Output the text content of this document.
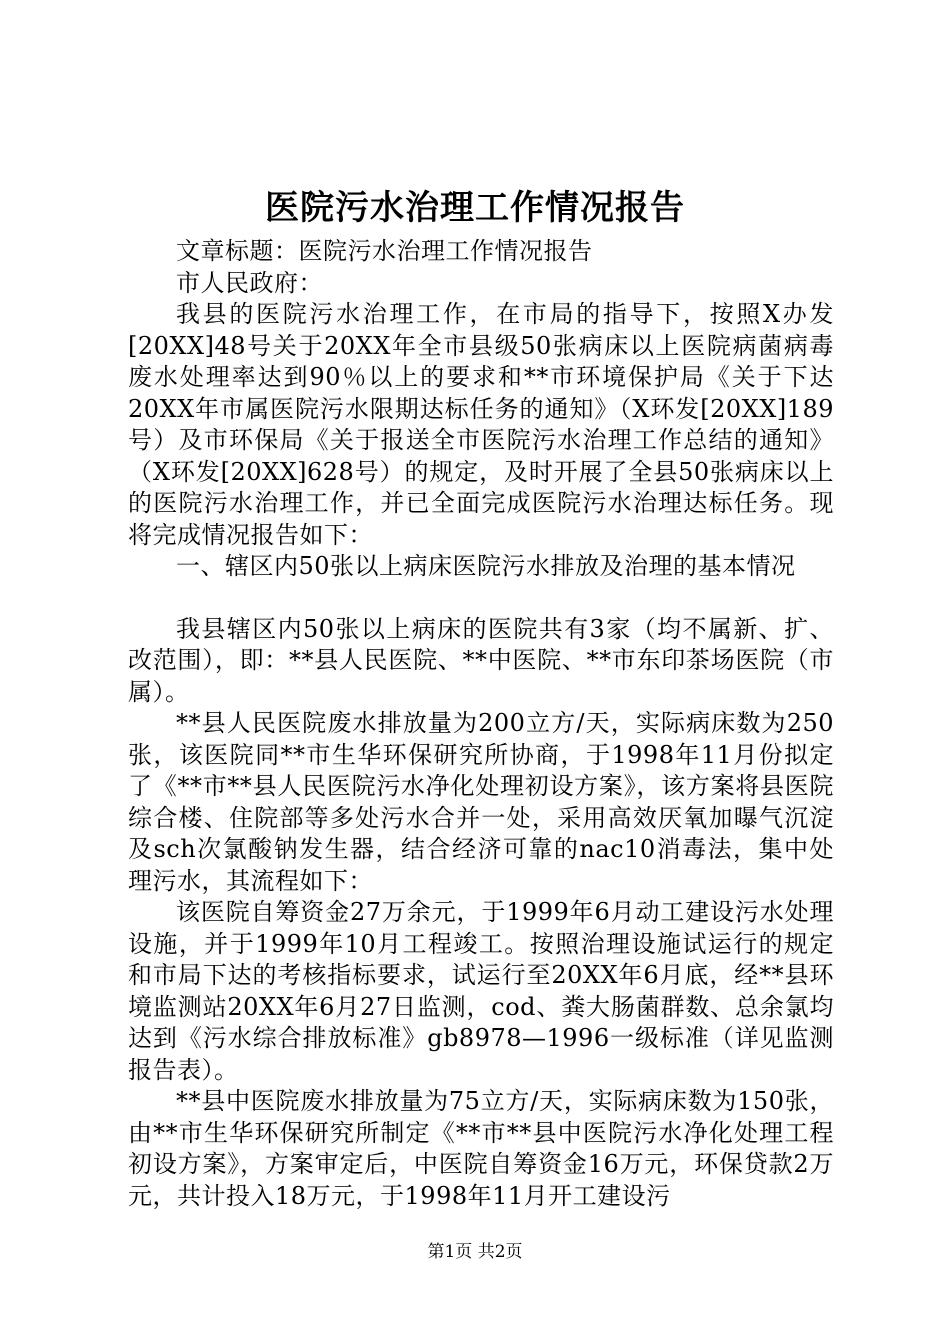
医院污水治理工作情况报告

文章标题：医院污水治理工作情况报告

市人民政府：

我县的医院污水治理工作，在市局的指导下，按照X办发[20XX]48号关于20XX年全市县级50张病床以上医院病菌病毒废水处理率达到90％以上的要求和**市环境保护局《关于下达20XX年市属医院污水限期达标任务的通知》（X环发[20XX]189号）及市环保局《关于报送全市医院污水治理工作总结的通知》（X环发[20XX]628号）的规定，及时开展了全县50张病床以上的医院污水治理工作，并已全面完成医院污水治理达标任务。现将完成情况报告如下：

一、辖区内50张以上病床医院污水排放及治理的基本情况

我县辖区内50张以上病床的医院共有3家（均不属新、扩、改范围），即：**县人民医院、**中医院、**市东印茶场医院（市属）。

**县人民医院废水排放量为200立方/天，实际病床数为250张，该医院同**市生华环保研究所协商，于1998年11月份拟定了《**市**县人民医院污水净化处理初设方案》，该方案将县医院综合楼、住院部等多处污水合并一处，采用高效厌氧加曝气沉淀及sch次氯酸钠发生器，结合经济可靠的nac10消毒法，集中处理污水，其流程如下：

该医院自筹资金27万余元，于1999年6月动工建设污水处理设施，并于1999年10月工程竣工。按照治理设施试运行的规定和市局下达的考核指标要求，试运行至20XX年6月底，经**县环境监测站20XX年6月27日监测，cod、粪大肠菌群数、总余氯均达到《污水综合排放标准》gb8978—1996一级标准（详见监测报告表）。

**县中医院废水排放量为75立方/天，实际病床数为150张，由**市生华环保研究所制定《**市**县中医院污水净化处理工程初设方案》，方案审定后，中医院自筹资金16万元，环保贷款2万元，共计投入18万元，于1998年11月开工建设污

第1页 共2页
